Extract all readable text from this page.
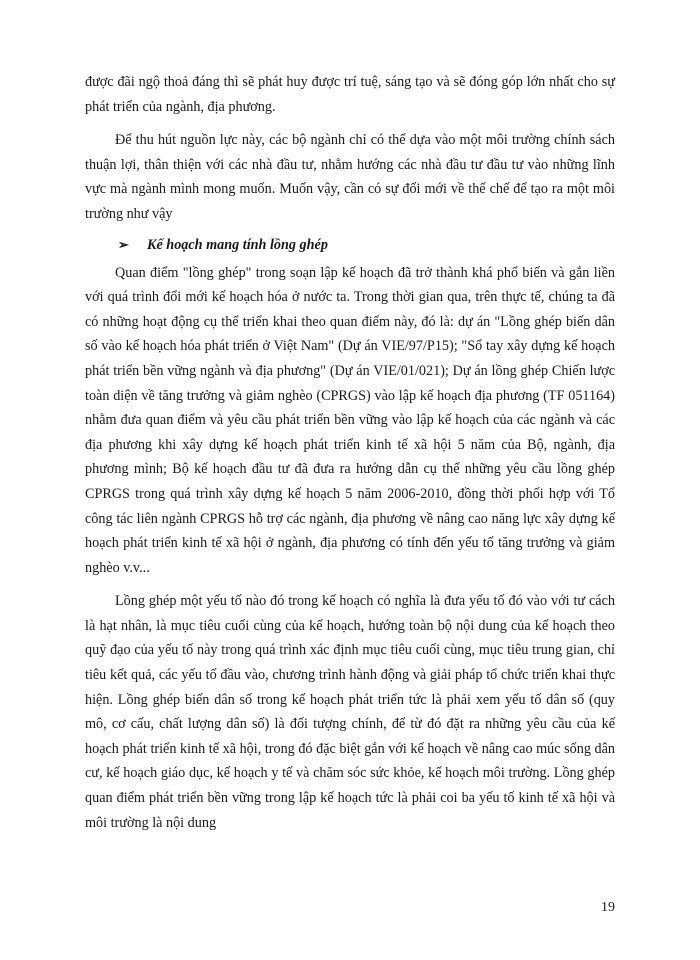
được đãi ngộ thoả đáng thì sẽ phát huy được trí tuệ, sáng tạo và sẽ đóng góp lớn nhất cho sự phát triển của ngành, địa phương.

Để thu hút nguồn lực này, các bộ ngành chỉ có thể dựa vào một môi trường chính sách thuận lợi, thân thiện với các nhà đầu tư, nhằm hướng các nhà đầu tư đầu tư vào những lĩnh vực mà ngành mình mong muốn. Muốn vậy, cần có sự đổi mới về thể chế để tạo ra một môi trường như vậy

➢ Kế hoạch mang tính lồng ghép

Quan điểm "lồng ghép" trong soạn lập kế hoạch đã trở thành khá phổ biến và gắn liền với quá trình đổi mới kế hoạch hóa ở nước ta. Trong thời gian qua, trên thực tế, chúng ta đã có những hoạt động cụ thể triển khai theo quan điểm này, đó là: dự án "Lồng ghép biến dân số vào kế hoạch hóa phát triển ở Việt Nam" (Dự án VIE/97/P15); "Sổ tay xây dựng kế hoạch phát triển bền vững ngành và địa phương" (Dự án VIE/01/021); Dự án lồng ghép Chiến lược toàn diện về tăng trưởng và giảm nghèo (CPRGS) vào lập kế hoạch địa phương (TF 051164) nhằm đưa quan điểm và yêu cầu phát triển bền vững vào lập kế hoạch của các ngành và các địa phương khi xây dựng kế hoạch phát triển kinh tế xã hội 5 năm của Bộ, ngành, địa phương mình; Bộ kế hoạch đầu tư đã đưa ra hướng dẫn cụ thể những yêu cầu lồng ghép CPRGS trong quá trình xây dựng kế hoạch 5 năm 2006-2010, đồng thời phối hợp với Tổ công tác liên ngành CPRGS hỗ trợ các ngành, địa phương về nâng cao năng lực xây dựng kế hoạch phát triển kinh tế xã hội ở ngành, địa phương có tính đến yếu tố tăng trưởng và giảm nghèo v.v...

Lồng ghép một yếu tố nào đó trong kế hoạch có nghĩa là đưa yếu tố đó vào với tư cách là hạt nhân, là mục tiêu cuối cùng của kế hoạch, hướng toàn bộ nội dung của kế hoạch theo quỹ đạo của yếu tố này trong quá trình xác định mục tiêu cuối cùng, mục tiêu trung gian, chỉ tiêu kết quả, các yếu tố đầu vào, chương trình hành động và giải pháp tổ chức triển khai thực hiện. Lồng ghép biến dân số trong kế hoạch phát triển tức là phải xem yếu tố dân số (quy mô, cơ cấu, chất lượng dân số) là đối tượng chính, để từ đó đặt ra những yêu cầu của kế hoạch phát triển kinh tế xã hội, trong đó đặc biệt gắn với kế hoạch về nâng cao múc sống dân cư, kế hoạch giáo dục, kế hoạch y tế và chăm sóc sức khỏe, kế hoạch môi trường. Lồng ghép quan điểm phát triển bền vững trong lập kế hoạch tức là phải coi ba yếu tố kinh tế xã hội và môi trường là nội dung

19
